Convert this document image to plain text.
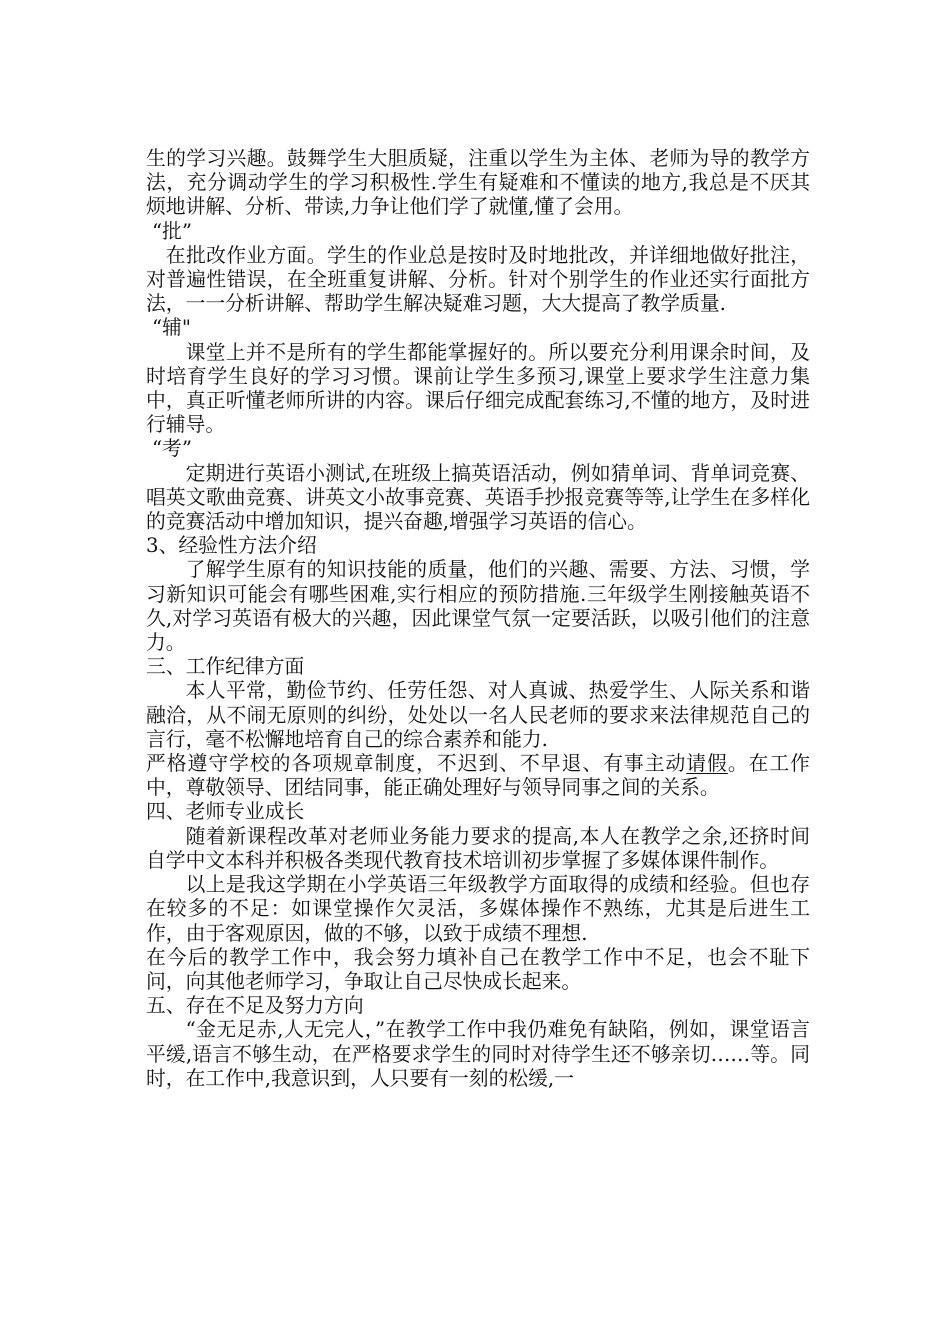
生的学习兴趣。鼓舞学生大胆质疑，注重以学生为主体、老师为导的教学方法，充分调动学生的学习积极性.学生有疑难和不懂读的地方,我总是不厌其烦地讲解、分析、带读,力争让他们学了就懂,懂了会用。

“批”

在批改作业方面。学生的作业总是按时及时地批改，并详细地做好批注，对普遍性错误，在全班重复讲解、分析。针对个别学生的作业还实行面批方法，一一分析讲解、帮助学生解决疑难习题，大大提高了教学质量.

“辅"

课堂上并不是所有的学生都能掌握好的。所以要充分利用课余时间，及时培育学生良好的学习习惯。课前让学生多预习,课堂上要求学生注意力集中，真正听懂老师所讲的内容。课后仔细完成配套练习,不懂的地方，及时进行辅导。

“考”

定期进行英语小测试,在班级上搞英语活动，例如猜单词、背单词竞赛、唱英文歌曲竞赛、讲英文小故事竞赛、英语手抄报竞赛等等,让学生在多样化的竞赛活动中增加知识，提兴奋趣,增强学习英语的信心。

3、经验性方法介绍

了解学生原有的知识技能的质量，他们的兴趣、需要、方法、习惯，学习新知识可能会有哪些困难,实行相应的预防措施.三年级学生刚接触英语不久,对学习英语有极大的兴趣，因此课堂气氛一定要活跃，以吸引他们的注意力。

三、工作纪律方面

本人平常，勤俭节约、任劳任怨、对人真诚、热爱学生、人际关系和谐融洽，从不闹无原则的纠纷，处处以一名人民老师的要求来法律规范自己的言行，毫不松懈地培育自己的综合素养和能力.

严格遵守学校的各项规章制度，不迟到、不早退、有事主动请假。在工作中，尊敬领导、团结同事，能正确处理好与领导同事之间的关系。

四、老师专业成长

随着新课程改革对老师业务能力要求的提高,本人在教学之余,还挤时间自学中文本科并积极各类现代教育技术培训初步掌握了多媒体课件制作。

以上是我这学期在小学英语三年级教学方面取得的成绩和经验。但也存在较多的不足：如课堂操作欠灵活，多媒体操作不熟练，尤其是后进生工作，由于客观原因，做的不够，以致于成绩不理想.

在今后的教学工作中，我会努力填补自己在教学工作中不足，也会不耻下问，向其他老师学习，争取让自己尽快成长起来。

五、存在不足及努力方向

“金无足赤,人无完人，”在教学工作中我仍难免有缺陷，例如，课堂语言平缓,语言不够生动，在严格要求学生的同时对待学生还不够亲切……等。同时，在工作中,我意识到，人只要有一刻的松缓,一
